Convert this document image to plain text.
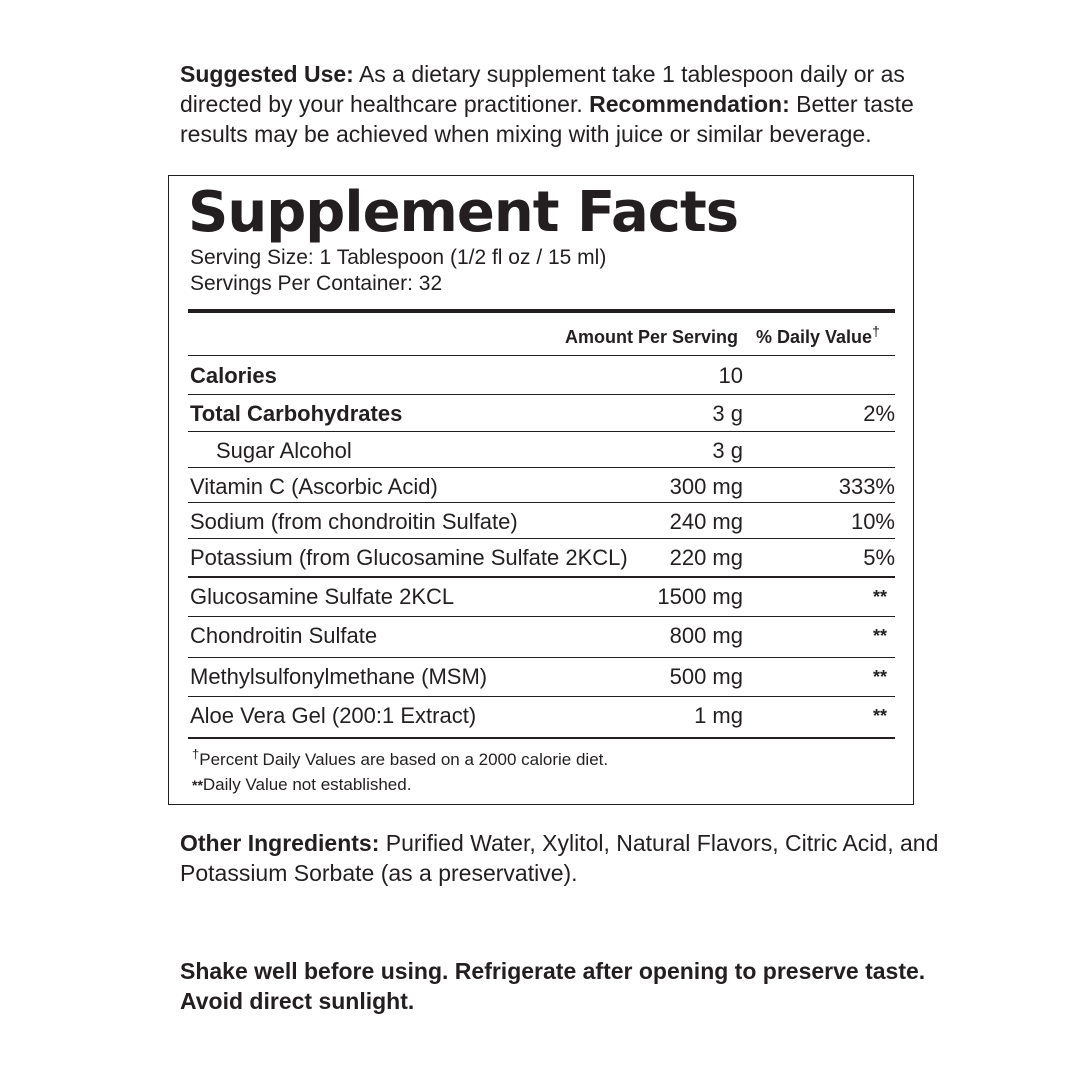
Suggested Use: As a dietary supplement take 1 tablespoon daily or as directed by your healthcare practitioner. Recommendation: Better taste results may be achieved when mixing with juice or similar beverage.
Supplement Facts
Serving Size: 1 Tablespoon (1/2 fl oz / 15 ml)
Servings Per Container: 32
Amount Per Serving % Daily Value†
Calories	10
Total Carbohydrates	3 g	2%
Sugar Alcohol	3 g
Vitamin C (Ascorbic Acid)	300 mg	333%
Sodium (from chondroitin Sulfate)	240 mg	10%
Potassium (from Glucosamine Sulfate 2KCL) 220 mg	5%
Glucosamine Sulfate 2KCL	1500 mg	**
Chondroitin Sulfate	800 mg	**
Methylsulfonylmethane (MSM)	500 mg	**
Aloe Vera Gel (200:1 Extract)	1 mg	**
†Percent Daily Values are based on a 2000 calorie diet.
**Daily Value not established.
Other Ingredients: Purified Water, Xylitol, Natural Flavors, Citric Acid, and Potassium Sorbate (as a preservative).
Shake well before using. Refrigerate after opening to preserve taste. Avoid direct sunlight.
